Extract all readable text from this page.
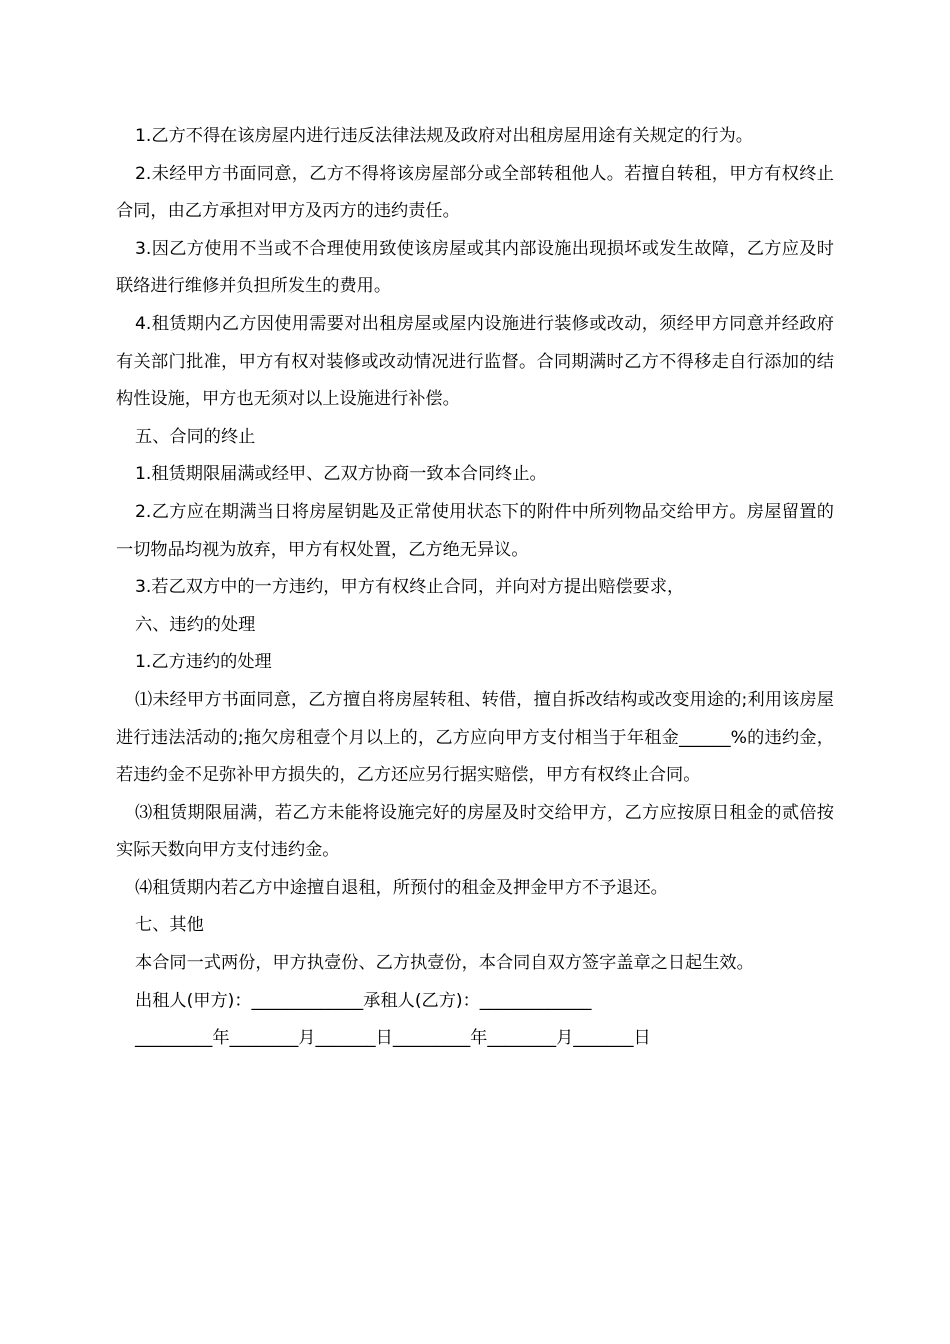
1.乙方不得在该房屋内进行违反法律法规及政府对出租房屋用途有关规定的行为。

2.未经甲方书面同意，乙方不得将该房屋部分或全部转租他人。若擅自转租，甲方有权终止合同，由乙方承担对甲方及丙方的违约责任。

3.因乙方使用不当或不合理使用致使该房屋或其内部设施出现损坏或发生故障，乙方应及时联络进行维修并负担所发生的费用。

4.租赁期内乙方因使用需要对出租房屋或屋内设施进行装修或改动，须经甲方同意并经政府有关部门批准，甲方有权对装修或改动情况进行监督。合同期满时乙方不得移走自行添加的结构性设施，甲方也无须对以上设施进行补偿。

五、合同的终止

1.租赁期限届满或经甲、乙双方协商一致本合同终止。

2.乙方应在期满当日将房屋钥匙及正常使用状态下的附件中所列物品交给甲方。房屋留置的一切物品均视为放弃，甲方有权处置，乙方绝无异议。

3.若乙双方中的一方违约，甲方有权终止合同，并向对方提出赔偿要求，

六、违约的处理

1.乙方违约的处理

⑴未经甲方书面同意，乙方擅自将房屋转租、转借，擅自拆改结构或改变用途的;利用该房屋进行违法活动的;拖欠房租壹个月以上的，乙方应向甲方支付相当于年租金______%的违约金，若违约金不足弥补甲方损失的，乙方还应另行据实赔偿，甲方有权终止合同。

⑶租赁期限届满，若乙方未能将设施完好的房屋及时交给甲方，乙方应按原日租金的贰倍按实际天数向甲方支付违约金。

⑷租赁期内若乙方中途擅自退租，所预付的租金及押金甲方不予退还。

七、其他

本合同一式两份，甲方执壹份、乙方执壹份，本合同自双方签字盖章之日起生效。

出租人(甲方)：_____________承租人(乙方)：_____________

_________年________月_______日_________年________月_______日
